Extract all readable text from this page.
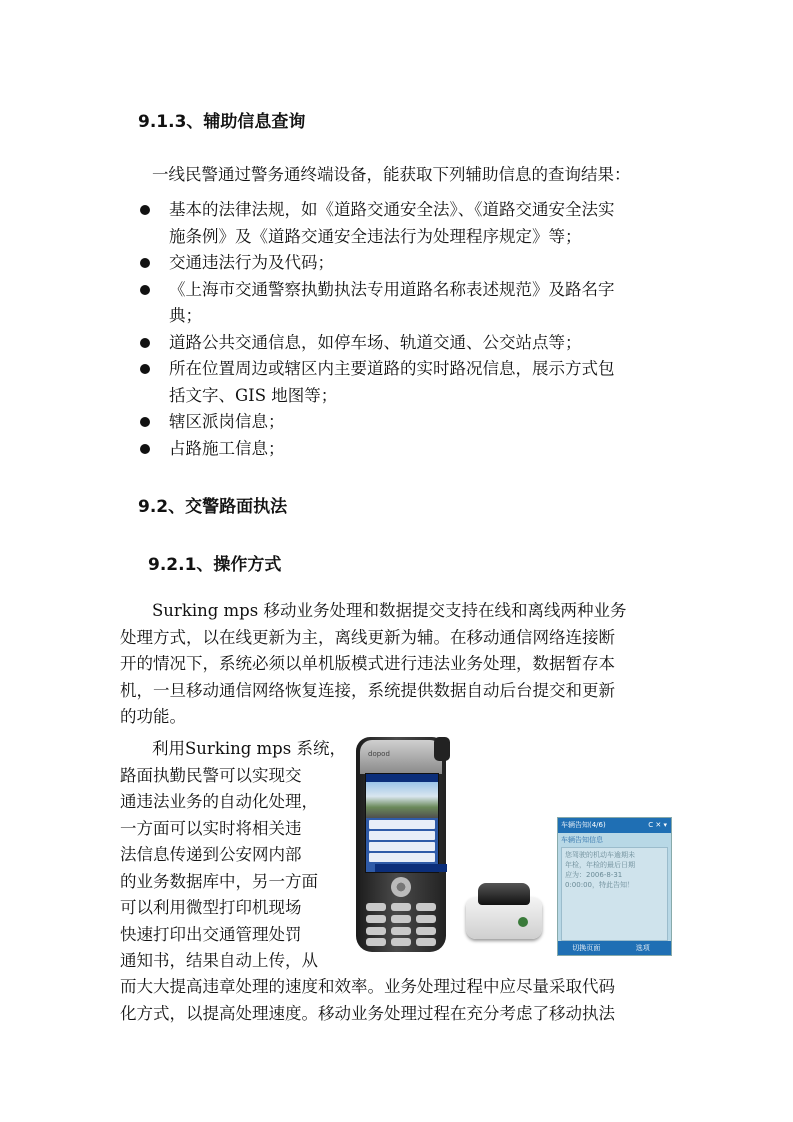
9.1.3、辅助信息查询

一线民警通过警务通终端设备，能获取下列辅助信息的查询结果：

基本的法律法规，如《道路交通安全法》、《道路交通安全法实
施条例》及《道路交通安全违法行为处理程序规定》等；
交通违法行为及代码；
《上海市交通警察执勤执法专用道路名称表述规范》及路名字
典；
道路公共交通信息，如停车场、轨道交通、公交站点等；
所在位置周边或辖区内主要道路的实时路况信息，展示方式包
括文字、GIS 地图等；
辖区派岗信息；
占路施工信息；
9.2、交警路面执法
9.2.1、操作方式
Surking mps 移动业务处理和数据提交支持在线和离线两种业务
处理方式，以在线更新为主，离线更新为辅。在移动通信网络连接断
开的情况下，系统必须以单机版模式进行违法业务处理，数据暂存本
机，一旦移动通信网络恢复连接，系统提供数据自动后台提交和更新
的功能。
利用Surking mps 系统，
路面执勤民警可以实现交
通违法业务的自动化处理，
一方面可以实时将相关违
法信息传递到公安网内部
的业务数据库中，另一方面
可以利用微型打印机现场
快速打印出交通管理处罚
通知书，结果自动上传，从
而大大提高违章处理的速度和效率。业务处理过程中应尽量采取代码
化方式，以提高处理速度。移动业务处理过程在充分考虑了移动执法
dopod
车辆告知(4/6)	C ✕ ▾
车辆告知信息
您驾驶的机动车逾期未
年检，年检的最后日期
应为：2006-8-31
0:00:00，特此告知！
切换页面	选项
